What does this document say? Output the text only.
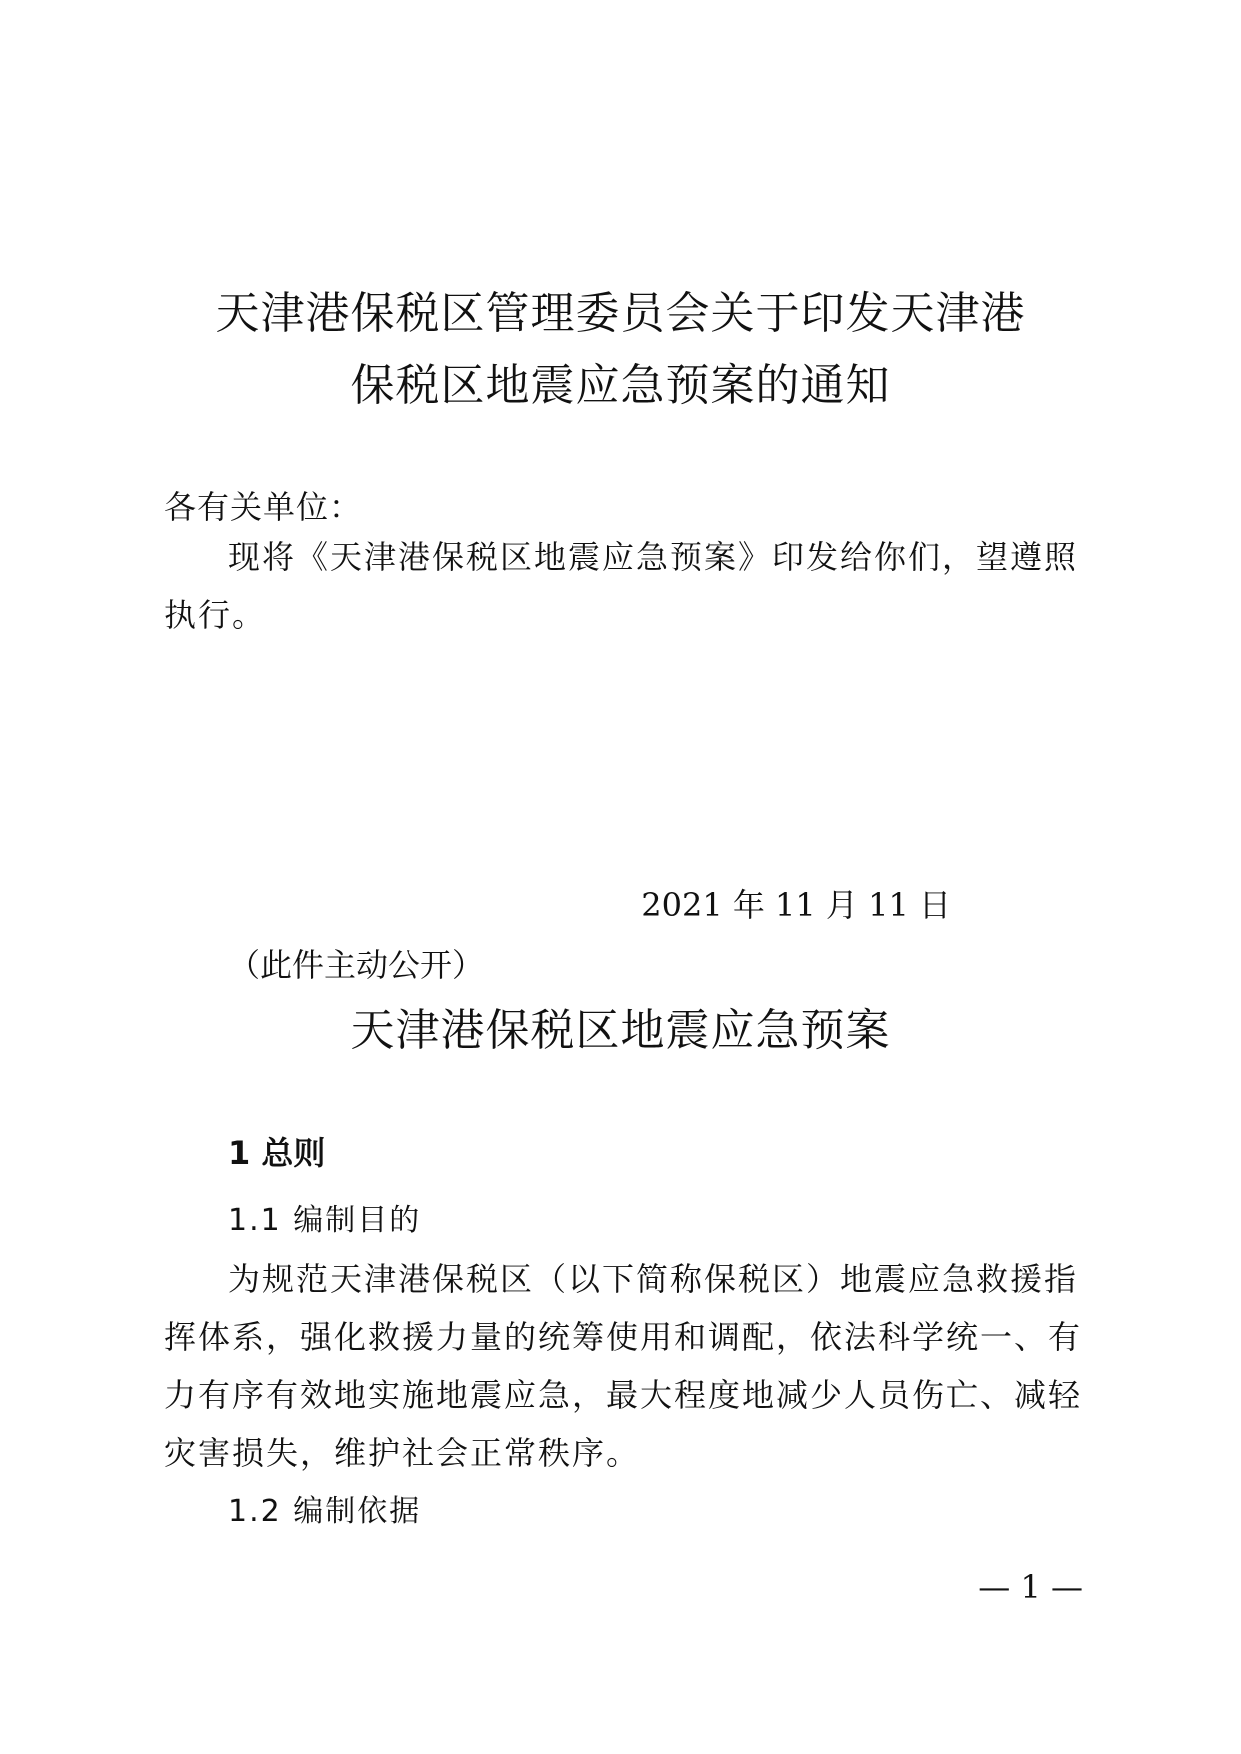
天津港保税区管理委员会关于印发天津港
保税区地震应急预案的通知
各有关单位：
现将《天津港保税区地震应急预案》印发给你们，望遵照执行。
2021 年 11 月 11 日
（此件主动公开）
天津港保税区地震应急预案
1 总则
1.1 编制目的
为规范天津港保税区（以下简称保税区）地震应急救援指挥体系，强化救援力量的统筹使用和调配，依法科学统一、有力有序有效地实施地震应急，最大程度地减少人员伤亡、减轻灾害损失，维护社会正常秩序。
1.2 编制依据
— 1 —
